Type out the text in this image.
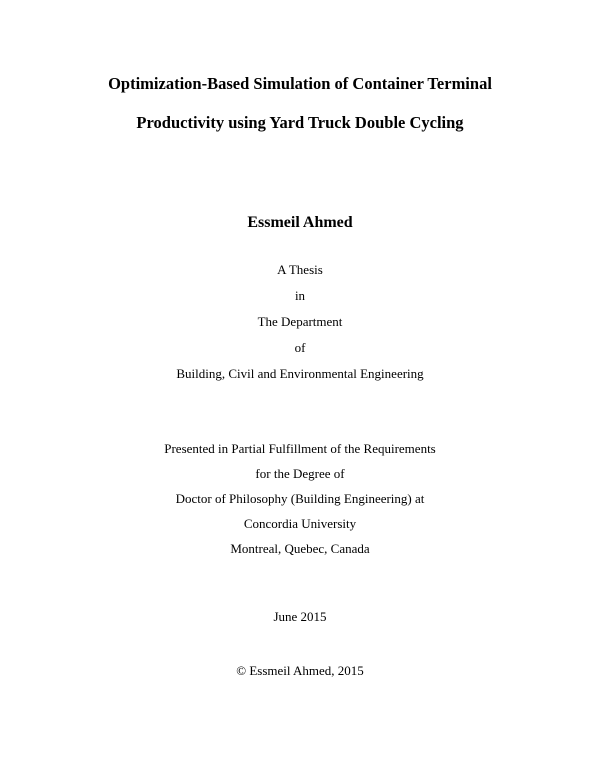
Optimization-Based Simulation of Container Terminal
Productivity using Yard Truck Double Cycling
Essmeil Ahmed
A Thesis
in
The Department
of
Building, Civil and Environmental Engineering
Presented in Partial Fulfillment of the Requirements
for the Degree of
Doctor of Philosophy (Building Engineering) at
Concordia University
Montreal, Quebec, Canada
June 2015
© Essmeil Ahmed, 2015
